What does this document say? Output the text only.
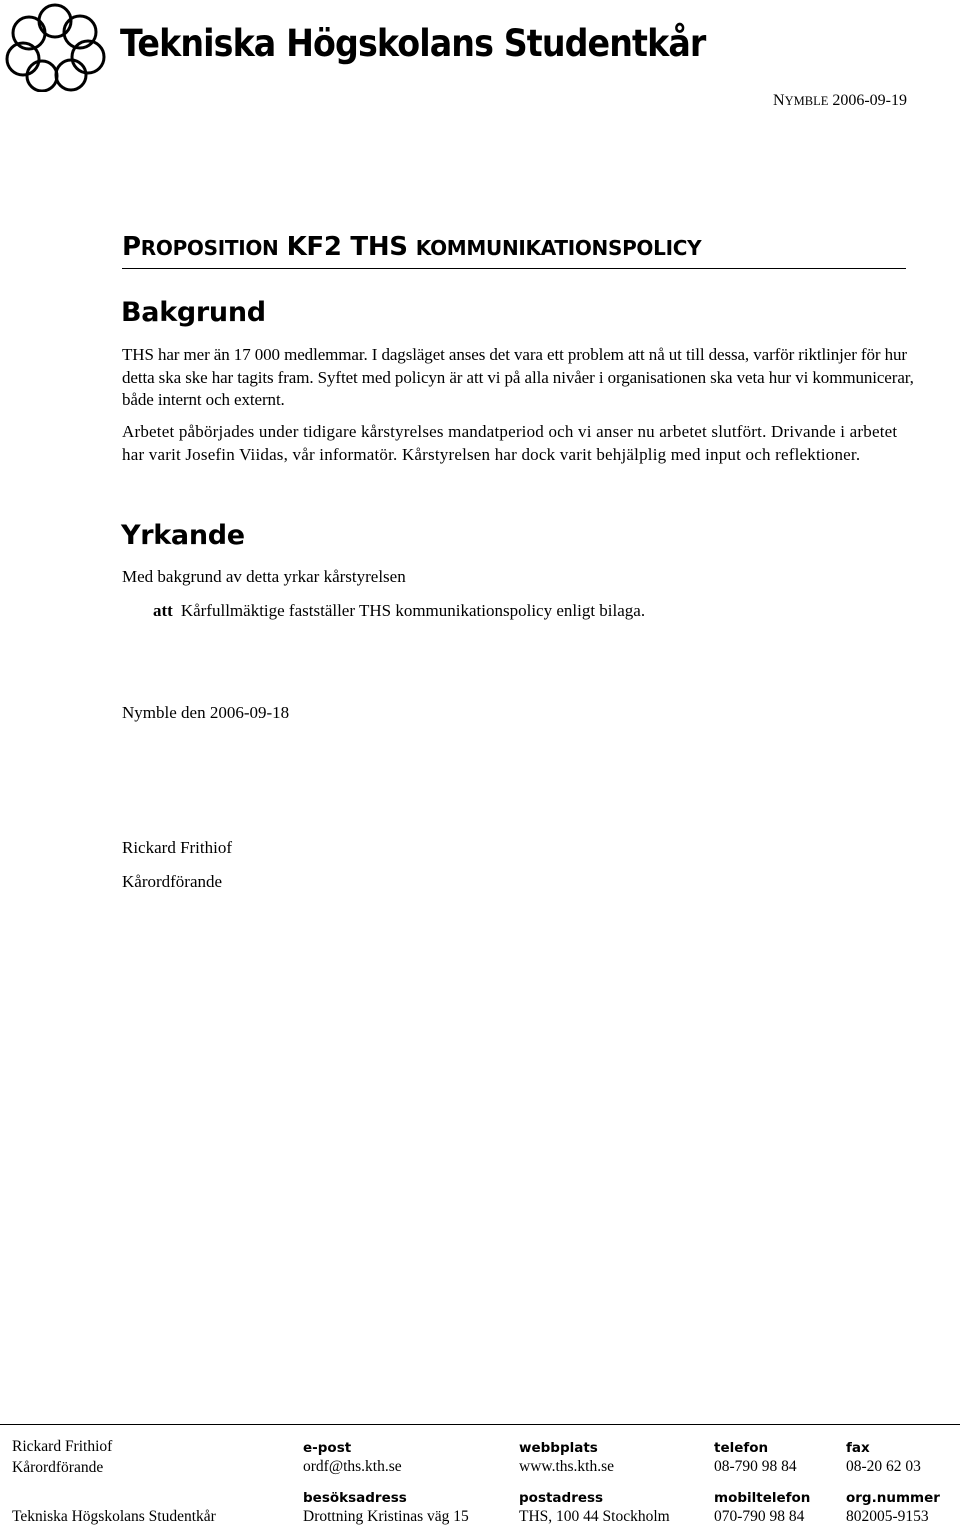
Tekniska Högskolans Studentkår
NYMBLE 2006-09-19
PROPOSITION KF2 THS KOMMUNIKATIONSPOLICY
Bakgrund
THS har mer än 17 000 medlemmar. I dagsläget anses det vara ett problem att nå ut till dessa, varför riktlinjer för hur detta ska ske har tagits fram. Syftet med policyn är att vi på alla nivåer i organisationen ska veta hur vi kommunicerar, både internt och externt.
Arbetet påbörjades under tidigare kårstyrelses mandatperiod och vi anser nu arbetet slutfört. Drivande i arbetet har varit Josefin Viidas, vår informatör. Kårstyrelsen har dock varit behjälplig med input och reflektioner.
Yrkande
Med bakgrund av detta yrkar kårstyrelsen
att Kårfullmäktige fastställer THS kommunikationspolicy enligt bilaga.
Nymble den 2006-09-18
Rickard Frithiof
Kårordförande
Rickard Frithiof
Kårordförande
Tekniska Högskolans Studentkår
e-post
ordf@ths.kth.se
besöksadress
Drottning Kristinas väg 15
webbplats
www.ths.kth.se
postadress
THS, 100 44 Stockholm
telefon
08-790 98 84
mobiltelefon
070-790 98 84
fax
08-20 62 03
org.nummer
802005-9153
